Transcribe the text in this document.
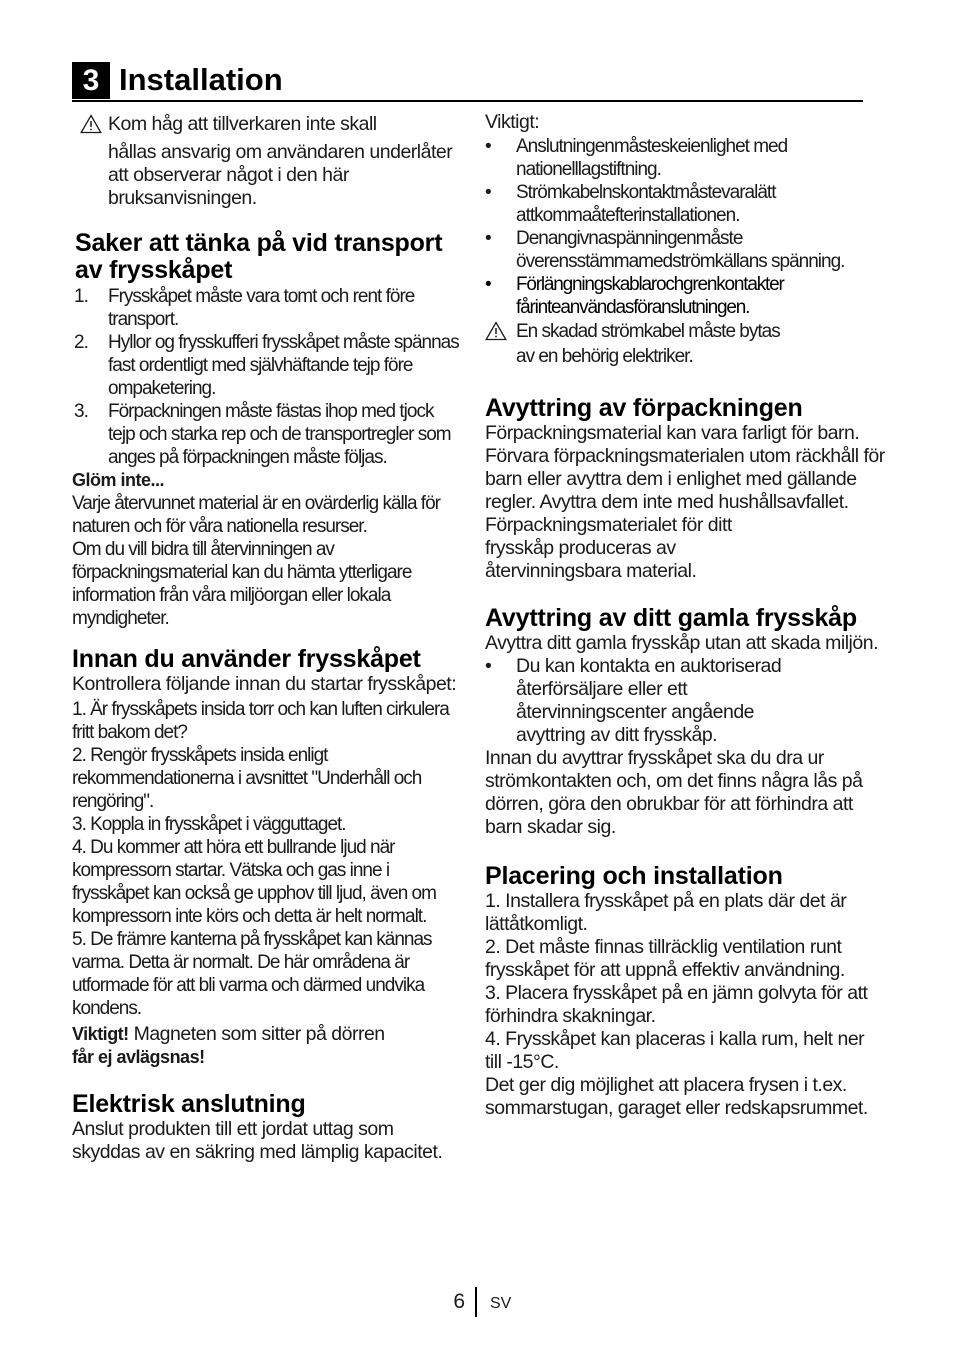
3 Installation

Kom håg att tillverkaren inte skall

hållas ansvarig om användaren underlåter att observerar något i den här bruksanvisningen.

Saker att tänka på vid transport av frysskåpet
1. Frysskåpet måste vara tomt och rent före transport.
2. Hyllor og frysskufferi frysskåpet måste spännas fast ordentligt med självhäftande tejp före ompaketering.
3. Förpackningen måste fästas ihop med tjock tejp och starka rep och de transportregler som anges på förpackningen måste följas.

Glöm inte...

Varje återvunnet material är en ovärderlig källa för naturen och för våra nationella resurser.

Om du vill bidra till återvinningen av förpackningsmaterial kan du hämta ytterligare information från våra miljöorgan eller lokala myndigheter.

Innan du använder frysskåpet

Kontrollera följande innan du startar frysskåpet:

1. Är frysskåpets insida torr och kan luften cirkulera fritt bakom det?

2. Rengör frysskåpets insida enligt rekommendationerna i avsnittet "Underhåll och rengöring".

3. Koppla in frysskåpet i vägguttaget.

4. Du kommer att höra ett bullrande ljud när kompressorn startar. Vätska och gas inne i frysskåpet kan också ge upphov till ljud, även om kompressorn inte körs och detta är helt normalt.

5. De främre kanterna på frysskåpet kan kännas varma. Detta är normalt. De här områdena är utformade för att bli varma och därmed undvika kondens.

Viktigt! Magneten som sitter på dörren
får ej avlägsnas!

Elektrisk anslutning

Anslut produkten till ett jordat uttag som skyddas av en säkring med lämplig kapacitet.

Viktigt:

• Anslutningenmåsteskeienlighet med nationelllagstiftning.
• Strömkabelnskontaktmåstevaralätt attkommaåtefterinstallationen.
• Denangivnaspänningenmåste överensstämmamedströmkällans spänning.
• Förlängningskablarochgrenkontakter fårinteanvändasföranslutningen.

En skadad strömkabel måste bytas

av en behörig elektriker.

Avyttring av förpackningen

Förpackningsmaterial kan vara farligt för barn. Förvara förpackningsmaterialen utom räckhåll för barn eller avyttra dem i enlighet med gällande regler. Avyttra dem inte med hushållsavfallet.

Förpackningsmaterialet för ditt frysskåp produceras av återvinningsbara material.

Avyttring av ditt gamla frysskåp

Avyttra ditt gamla frysskåp utan att skada miljön.

• Du kan kontakta en auktoriserad återförsäljare eller ett återvinningscenter angående avyttring av ditt frysskåp.

Innan du avyttrar frysskåpet ska du dra ur strömkontakten och, om det finns några lås på dörren, göra den obrukbar för att förhindra att barn skadar sig.

Placering och installation

1. Installera frysskåpet på en plats där det är lättåtkomligt.

2. Det måste finnas tillräcklig ventilation runt frysskåpet för att uppnå effektiv användning.

3. Placera frysskåpet på en jämn golvyta för att förhindra skakningar.

4. Frysskåpet kan placeras i kalla rum, helt ner till -15°C.

Det ger dig möjlighet att placera frysen i t.ex. sommarstugan, garaget eller redskapsrummet.

6 SV
